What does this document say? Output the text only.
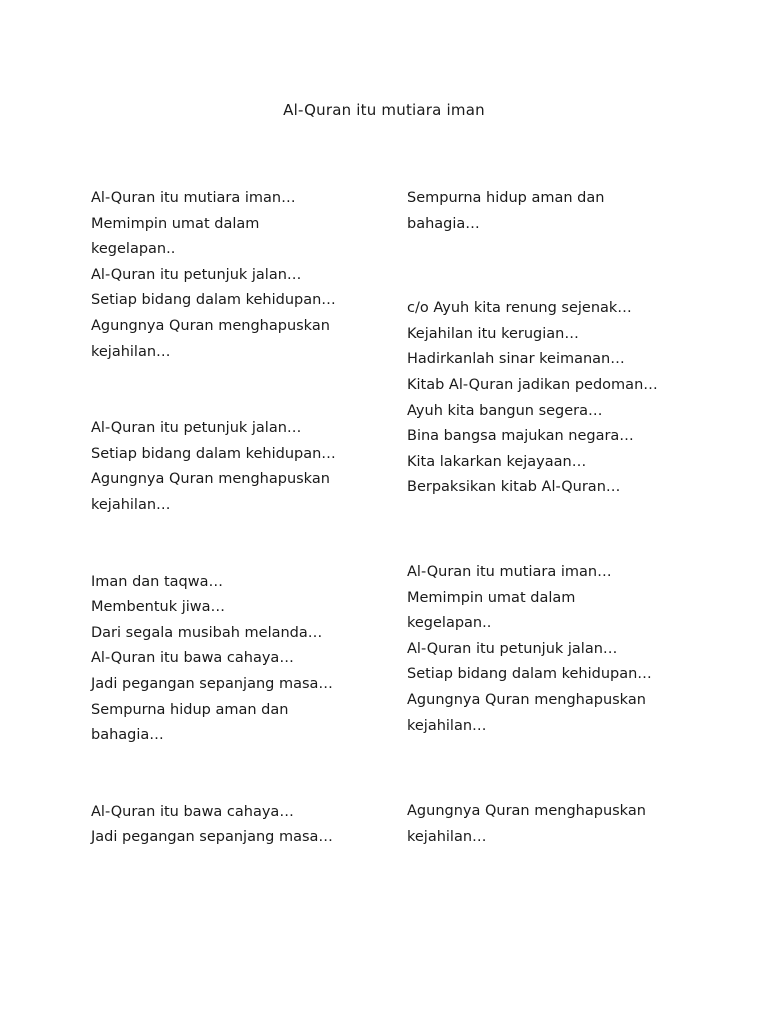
Al-Quran itu mutiara iman
Al-Quran itu mutiara iman…
Memimpin umat dalam
kegelapan..
Al-Quran itu petunjuk jalan…
Setiap bidang dalam kehidupan…
Agungnya Quran menghapuskan
kejahilan…
Al-Quran itu petunjuk jalan…
Setiap bidang dalam kehidupan…
Agungnya Quran menghapuskan
kejahilan…
Iman dan taqwa…
Membentuk jiwa…
Dari segala musibah melanda…
Al-Quran itu bawa cahaya…
Jadi pegangan sepanjang masa…
Sempurna hidup aman dan
bahagia…
Al-Quran itu bawa cahaya…
Jadi pegangan sepanjang masa…
Sempurna hidup aman dan
bahagia…
c/o Ayuh kita renung sejenak…
Kejahilan itu kerugian…
Hadirkanlah sinar keimanan…
Kitab Al-Quran jadikan pedoman…
Ayuh kita bangun segera…
Bina bangsa majukan negara…
Kita lakarkan kejayaan…
Berpaksikan kitab Al-Quran…
Al-Quran itu mutiara iman…
Memimpin umat dalam
kegelapan..
Al-Quran itu petunjuk jalan…
Setiap bidang dalam kehidupan…
Agungnya Quran menghapuskan
kejahilan…
Agungnya Quran menghapuskan
kejahilan…
